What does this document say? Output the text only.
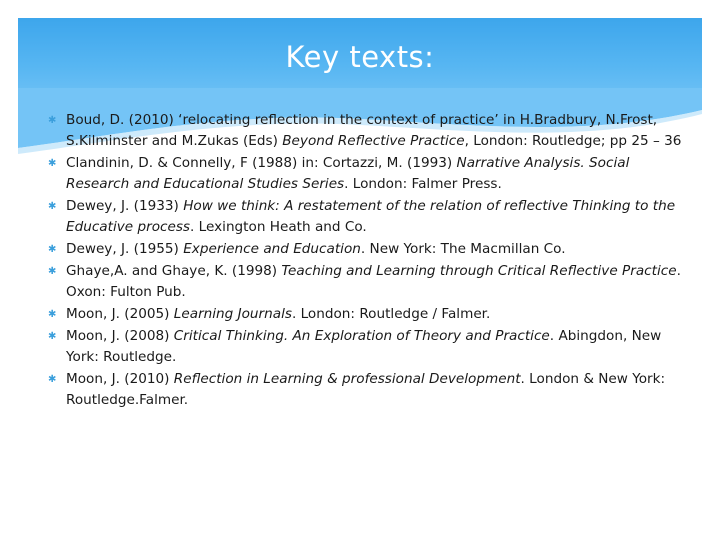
Key texts:
✱ Boud, D. (2010) ‘relocating reflection in the context of practice’ in H.Bradbury, N.Frost, S.Kilminster and M.Zukas (Eds) Beyond Reflective Practice, London: Routledge; pp 25 – 36
✱ Clandinin, D. & Connelly, F (1988) in: Cortazzi, M. (1993) Narrative Analysis. Social Research and Educational Studies Series. London: Falmer Press.
✱ Dewey, J. (1933) How we think: A restatement of the relation of reflective Thinking to the Educative process. Lexington Heath and Co.
✱ Dewey, J. (1955) Experience and Education. New York: The Macmillan Co.
✱ Ghaye,A. and Ghaye, K. (1998) Teaching and Learning through Critical Reflective Practice. Oxon: Fulton Pub.
✱ Moon, J. (2005) Learning Journals. London: Routledge / Falmer.
✱ Moon, J. (2008) Critical Thinking. An Exploration of Theory and Practice. Abingdon, New York: Routledge.
✱ Moon, J. (2010) Reflection in Learning & professional Development. London & New York: Routledge.Falmer.
